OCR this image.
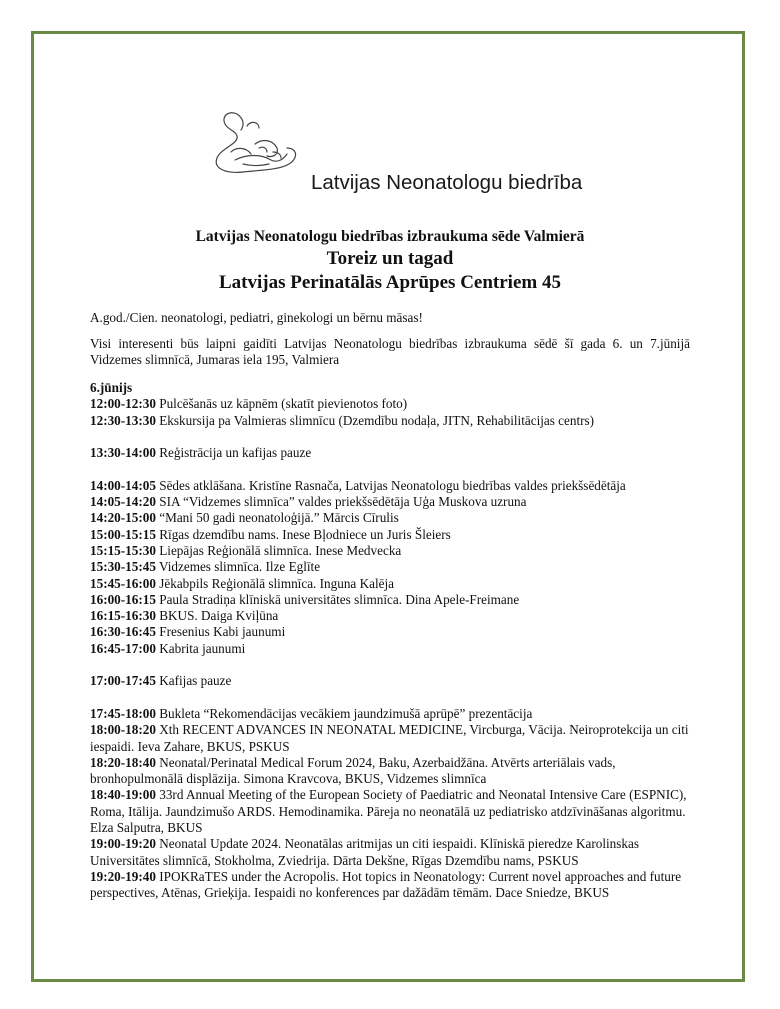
Latvijas Neonatologu biedrība
Latvijas Neonatologu biedrības izbraukuma sēde Valmierā
Toreiz un tagad
Latvijas Perinatālās Aprūpes Centriem 45
A.god./Cien. neonatologi, pediatri, ginekologi un bērnu māsas!
Visi interesenti būs laipni gaidīti Latvijas Neonatologu biedrības izbraukuma sēdē šī gada 6. un 7.jūnijā Vidzemes slimnīcā, Jumaras iela 195, Valmiera
6.jūnijs
12:00-12:30 Pulcēšanās uz kāpnēm (skatīt pievienotos foto)
12:30-13:30 Ekskursija pa Valmieras slimnīcu (Dzemdību nodaļa, JITN, Rehabilitācijas centrs)
13:30-14:00 Reģistrācija un kafijas pauze
14:00-14:05 Sēdes atklāšana. Kristīne Rasnača, Latvijas Neonatologu biedrības valdes priekšsēdētāja
14:05-14:20 SIA “Vidzemes slimnīca” valdes priekšsēdētāja Uģa Muskova uzruna
14:20-15:00 “Mani 50 gadi neonatoloģijā.” Mārcis Cīrulis
15:00-15:15 Rīgas dzemdību nams. Inese Bļodniece un Juris Šleiers
15:15-15:30 Liepājas Reģionālā slimnīca. Inese Medvecka
15:30-15:45 Vidzemes slimnīca. Ilze Eglīte
15:45-16:00 Jēkabpils Reģionālā slimnīca. Inguna Kalēja
16:00-16:15 Paula Stradiņa klīniskā universitātes slimnīca. Dina Apele-Freimane
16:15-16:30 BKUS. Daiga Kviļūna
16:30-16:45 Fresenius Kabi jaunumi
16:45-17:00 Kabrita jaunumi
17:00-17:45 Kafijas pauze
17:45-18:00 Bukleta “Rekomendācijas vecākiem jaundzimušā aprūpē” prezentācija
18:00-18:20 Xth RECENT ADVANCES IN NEONATAL MEDICINE, Vircburga, Vācija. Neiroprotekcija un citi iespaidi. Ieva Zahare, BKUS, PSKUS
18:20-18:40 Neonatal/Perinatal Medical Forum 2024, Baku, Azerbaidžāna. Atvērts arteriālais vads, bronhopulmonālā displāzija. Simona Kravcova, BKUS, Vidzemes slimnīca
18:40-19:00 33rd Annual Meeting of the European Society of Paediatric and Neonatal Intensive Care (ESPNIC), Roma, Itālija. Jaundzimušo ARDS. Hemodinamika. Pāreja no neonatālā uz pediatrisko atdzīvināšanas algoritmu. Elza Salputra, BKUS
19:00-19:20 Neonatal Update 2024. Neonatālas aritmijas un citi iespaidi. Klīniskā pieredze Karolinskas Universitātes slimnīcā, Stokholma, Zviedrija. Dārta Dekšne, Rīgas Dzemdību nams, PSKUS
19:20-19:40 IPOKRaTES under the Acropolis. Hot topics in Neonatology: Current novel approaches and future perspectives, Atēnas, Grieķija. Iespaidi no konferences par dažādām tēmām. Dace Sniedze, BKUS
